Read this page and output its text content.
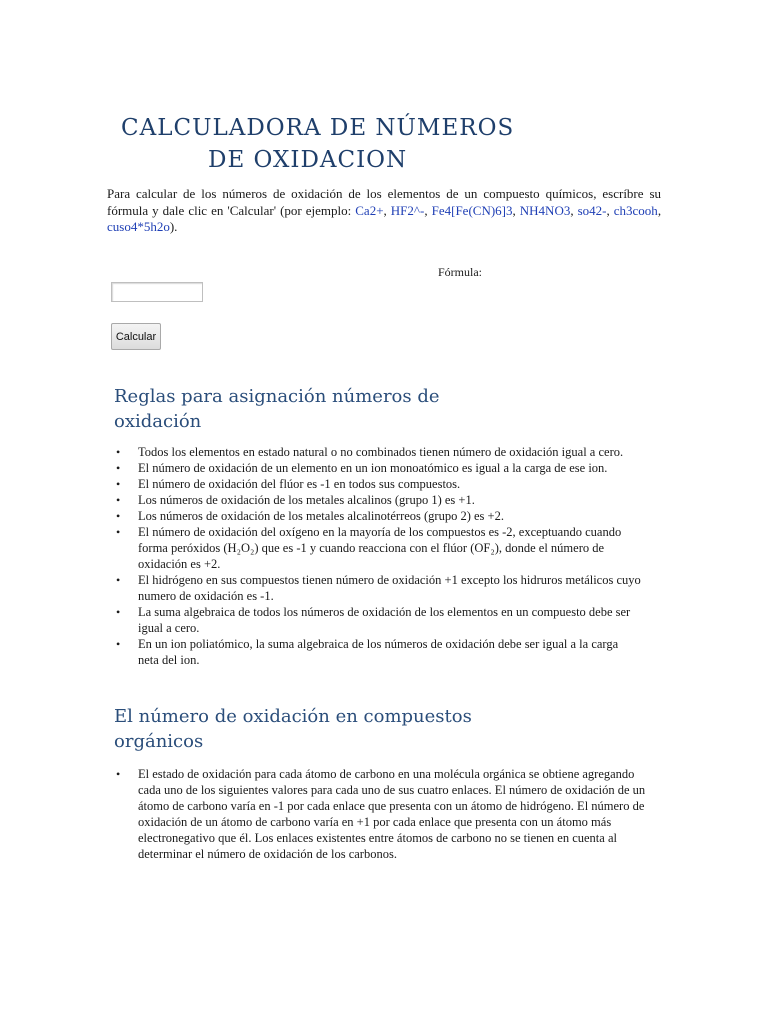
CALCULADORA DE NÚMEROS
DE OXIDACION

Para calcular de los números de oxidación de los elementos de un compuesto químicos, escríbre su fórmula y dale clic en 'Calcular' (por ejemplo: Ca2+, HF2^-, Fe4[Fe(CN)6]3, NH4NO3, so42-, ch3cooh, cuso4*5h2o).

Fórmula:

Calcular
Reglas para asignación números de oxidación
• Todos los elementos en estado natural o no combinados tienen número de oxidación igual a cero.
• El número de oxidación de un elemento en un ion monoatómico es igual a la carga de ese ion.
• El número de oxidación del flúor es -1 en todos sus compuestos.
• Los números de oxidación de los metales alcalinos (grupo 1) es +1.
• Los números de oxidación de los metales alcalinotérreos (grupo 2) es +2.
• El número de oxidación del oxígeno en la mayoría de los compuestos es -2, exceptuando cuando forma peróxidos (H₂O₂) que es -1 y cuando reacciona con el flúor (OF₂), donde el número de oxidación es +2.
• El hidrógeno en sus compuestos tienen número de oxidación +1 excepto los hidruros metálicos cuyo numero de oxidación es -1.
• La suma algebraica de todos los números de oxidación de los elementos en un compuesto debe ser igual a cero.
• En un ion poliatómico, la suma algebraica de los números de oxidación debe ser igual a la carga neta del ion.
El número de oxidación en compuestos orgánicos
• El estado de oxidación para cada átomo de carbono en una molécula orgánica se obtiene agregando cada uno de los siguientes valores para cada uno de sus cuatro enlaces. El número de oxidación de un átomo de carbono varía en -1 por cada enlace que presenta con un átomo de hidrógeno. El número de oxidación de un átomo de carbono varía en +1 por cada enlace que presenta con un átomo más electronegativo que él. Los enlaces existentes entre átomos de carbono no se tienen en cuenta al determinar el número de oxidación de los carbonos.
